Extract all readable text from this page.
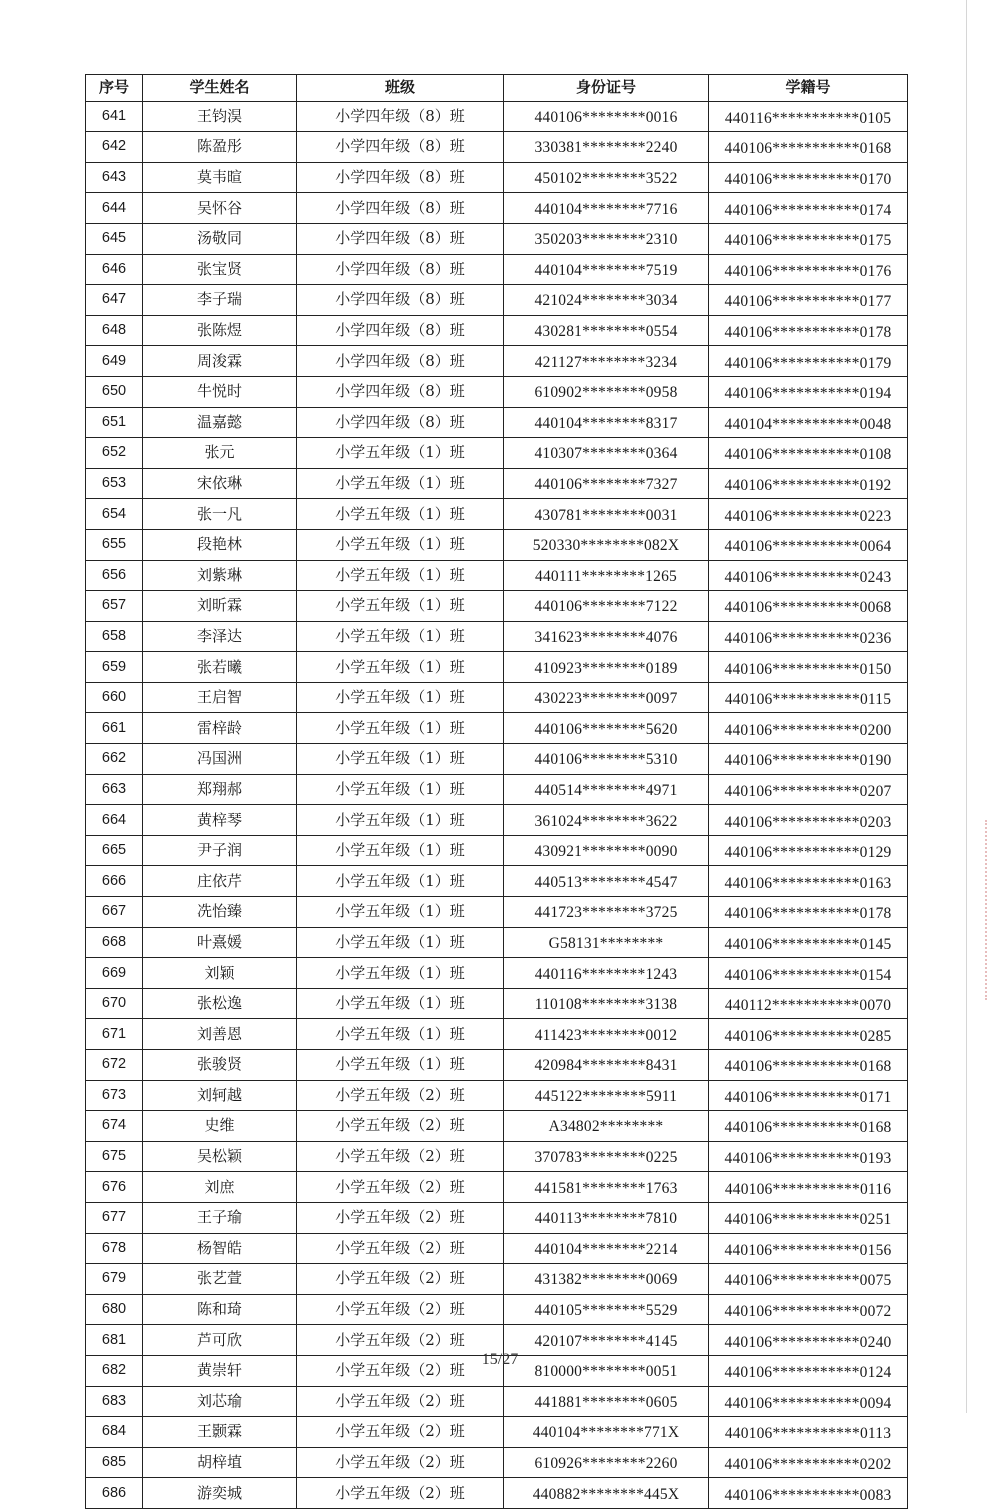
序号	学生姓名	班级	身份证号	学籍号
641	王钧淏	小学四年级（8）班	440106********0016	440116***********0105
642	陈盈彤	小学四年级（8）班	330381********2240	440106***********0168
643	莫韦暄	小学四年级（8）班	450102********3522	440106***********0170
644	吴怀谷	小学四年级（8）班	440104********7716	440106***********0174
645	汤敬同	小学四年级（8）班	350203********2310	440106***********0175
646	张宝贤	小学四年级（8）班	440104********7519	440106***********0176
647	李子瑞	小学四年级（8）班	421024********3034	440106***********0177
648	张陈煜	小学四年级（8）班	430281********0554	440106***********0178
649	周浚霖	小学四年级（8）班	421127********3234	440106***********0179
650	牛悦时	小学四年级（8）班	610902********0958	440106***********0194
651	温嘉懿	小学四年级（8）班	440104********8317	440104***********0048
652	张元	小学五年级（1）班	410307********0364	440106***********0108
653	宋依琳	小学五年级（1）班	440106********7327	440106***********0192
654	张一凡	小学五年级（1）班	430781********0031	440106***********0223
655	段艳林	小学五年级（1）班	520330********082X	440106***********0064
656	刘紫琳	小学五年级（1）班	440111********1265	440106***********0243
657	刘昕霖	小学五年级（1）班	440106********7122	440106***********0068
658	李泽达	小学五年级（1）班	341623********4076	440106***********0236
659	张若曦	小学五年级（1）班	410923********0189	440106***********0150
660	王启智	小学五年级（1）班	430223********0097	440106***********0115
661	雷梓龄	小学五年级（1）班	440106********5620	440106***********0200
662	冯国洲	小学五年级（1）班	440106********5310	440106***********0190
663	郑翔郝	小学五年级（1）班	440514********4971	440106***********0207
664	黄梓琴	小学五年级（1）班	361024********3622	440106***********0203
665	尹子润	小学五年级（1）班	430921********0090	440106***********0129
666	庄依芹	小学五年级（1）班	440513********4547	440106***********0163
667	冼怡臻	小学五年级（1）班	441723********3725	440106***********0178
668	叶熹媛	小学五年级（1）班	G58131********	440106***********0145
669	刘颖	小学五年级（1）班	440116********1243	440106***********0154
670	张松逸	小学五年级（1）班	110108********3138	440112***********0070
671	刘善恩	小学五年级（1）班	411423********0012	440106***********0285
672	张骏贤	小学五年级（1）班	420984********8431	440106***********0168
673	刘轲越	小学五年级（2）班	445122********5911	440106***********0171
674	史维	小学五年级（2）班	A34802********	440106***********0168
675	吴松颖	小学五年级（2）班	370783********0225	440106***********0193
676	刘庶	小学五年级（2）班	441581********1763	440106***********0116
677	王子瑜	小学五年级（2）班	440113********7810	440106***********0251
678	杨智皓	小学五年级（2）班	440104********2214	440106***********0156
679	张艺萱	小学五年级（2）班	431382********0069	440106***********0075
680	陈和琦	小学五年级（2）班	440105********5529	440106***********0072
681	芦可欣	小学五年级（2）班	420107********4145	440106***********0240
682	黄崇轩	小学五年级（2）班	810000********0051	440106***********0124
683	刘芯瑜	小学五年级（2）班	441881********0605	440106***********0094
684	王颢霖	小学五年级（2）班	440104********771X	440106***********0113
685	胡梓埴	小学五年级（2）班	610926********2260	440106***********0202
686	游奕城	小学五年级（2）班	440882********445X	440106***********0083
15/27
